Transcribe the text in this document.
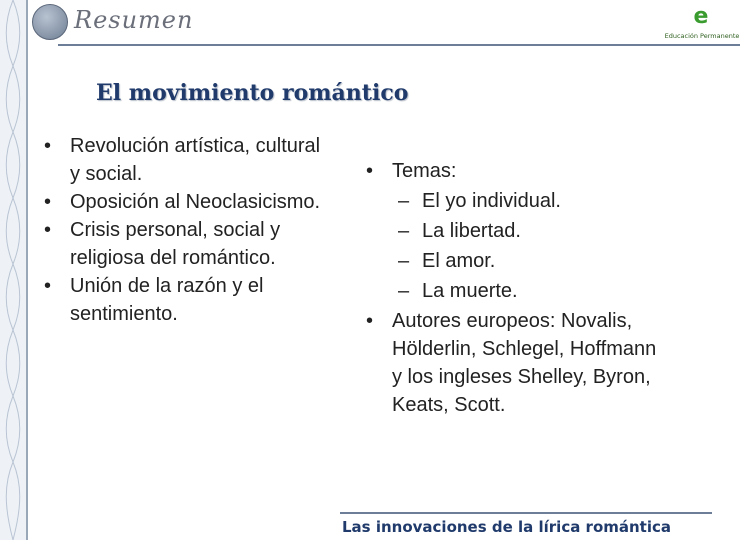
Resumen	e
Educación Permanente
El movimiento romántico
• Revolución artística, cultural y social.
• Oposición al Neoclasicismo.
• Crisis personal, social y religiosa del romántico.
• Unión de la razón y el sentimiento.
• Temas:
– El yo individual.
– La libertad.
– El amor.
– La muerte.
• Autores europeos: Novalis, Hölderlin, Schlegel, Hoffmann y los ingleses Shelley, Byron, Keats, Scott.
Las innovaciones de la lírica romántica
